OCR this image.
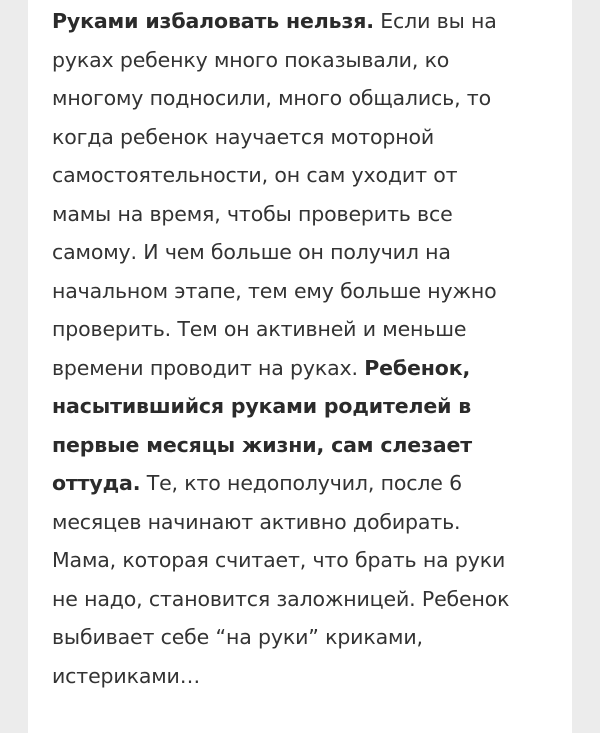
Руками избаловать нельзя. Если вы на
руках ребенку много показывали, ко
многому подносили, много общались, то
когда ребенок научается моторной
самостоятельности, он сам уходит от
мамы на время, чтобы проверить все
самому. И чем больше он получил на
начальном этапе, тем ему больше нужно
проверить. Тем он активней и меньше
времени проводит на руках. Ребенок,
насытившийся руками родителей в
первые месяцы жизни, сам слезает
оттуда. Те, кто недополучил, после 6
месяцев начинают активно добирать.
Мама, которая считает, что брать на руки
не надо, становится заложницей. Ребенок
выбивает себе “на руки” криками,
истериками…
